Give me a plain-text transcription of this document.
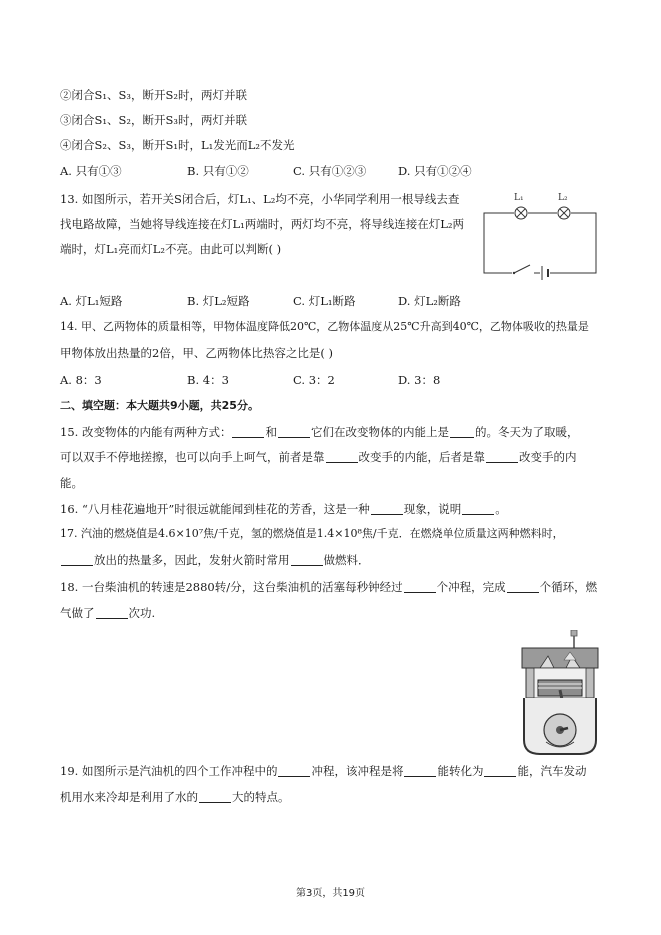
②闭合S₁、S₃，断开S₂时，两灯并联
③闭合S₁、S₂，断开S₃时，两灯并联
④闭合S₂、S₃，断开S₁时，L₁发光而L₂不发光
A. 只有①③	B. 只有①②	C. 只有①②③	D. 只有①②④
13. 如图所示，若开关S闭合后，灯L₁、L₂均不亮，小华同学利用一根导线去查
找电路故障，当她将导线连接在灯L₁两端时，两灯均不亮，将导线连接在灯L₂两
端时，灯L₁亮而灯L₂不亮。由此可以判断( )
L₁	L₂
A. 灯L₁短路	B. 灯L₂短路	C. 灯L₁断路	D. 灯L₂断路
14. 甲、乙两物体的质量相等，甲物体温度降低20℃，乙物体温度从25℃升高到40℃，乙物体吸收的热量是
甲物体放出热量的2倍，甲、乙两物体比热容之比是( )
A. 8：3	B. 4：3	C. 3：2	D. 3：8
二、填空题：本大题共9小题，共25分。
15. 改变物体的内能有两种方式：	和	它们在改变物体的内能上是 的。冬天为了取暖，
可以双手不停地搓擦，也可以向手上呵气，前者是靠	改变手的内能，后者是靠	改变手的内
能。
16. “八月桂花遍地开”时很远就能闻到桂花的芳香，这是一种	现象，说明	。
17. 汽油的燃烧值是4.6×10⁷焦/千克，氢的燃烧值是1.4×10⁸焦/千克．在燃烧单位质量这两种燃料时，
放出的热量多，因此，发射火箭时常用	做燃料．
18. 一台柴油机的转速是2880转/分，这台柴油机的活塞每秒钟经过	个冲程，完成	个循环，燃
气做了	次功.
19. 如图所示是汽油机的四个工作冲程中的	冲程，该冲程是将	能转化为	能，汽车发动
机用水来冷却是利用了水的	大的特点。
第3页，共19页
